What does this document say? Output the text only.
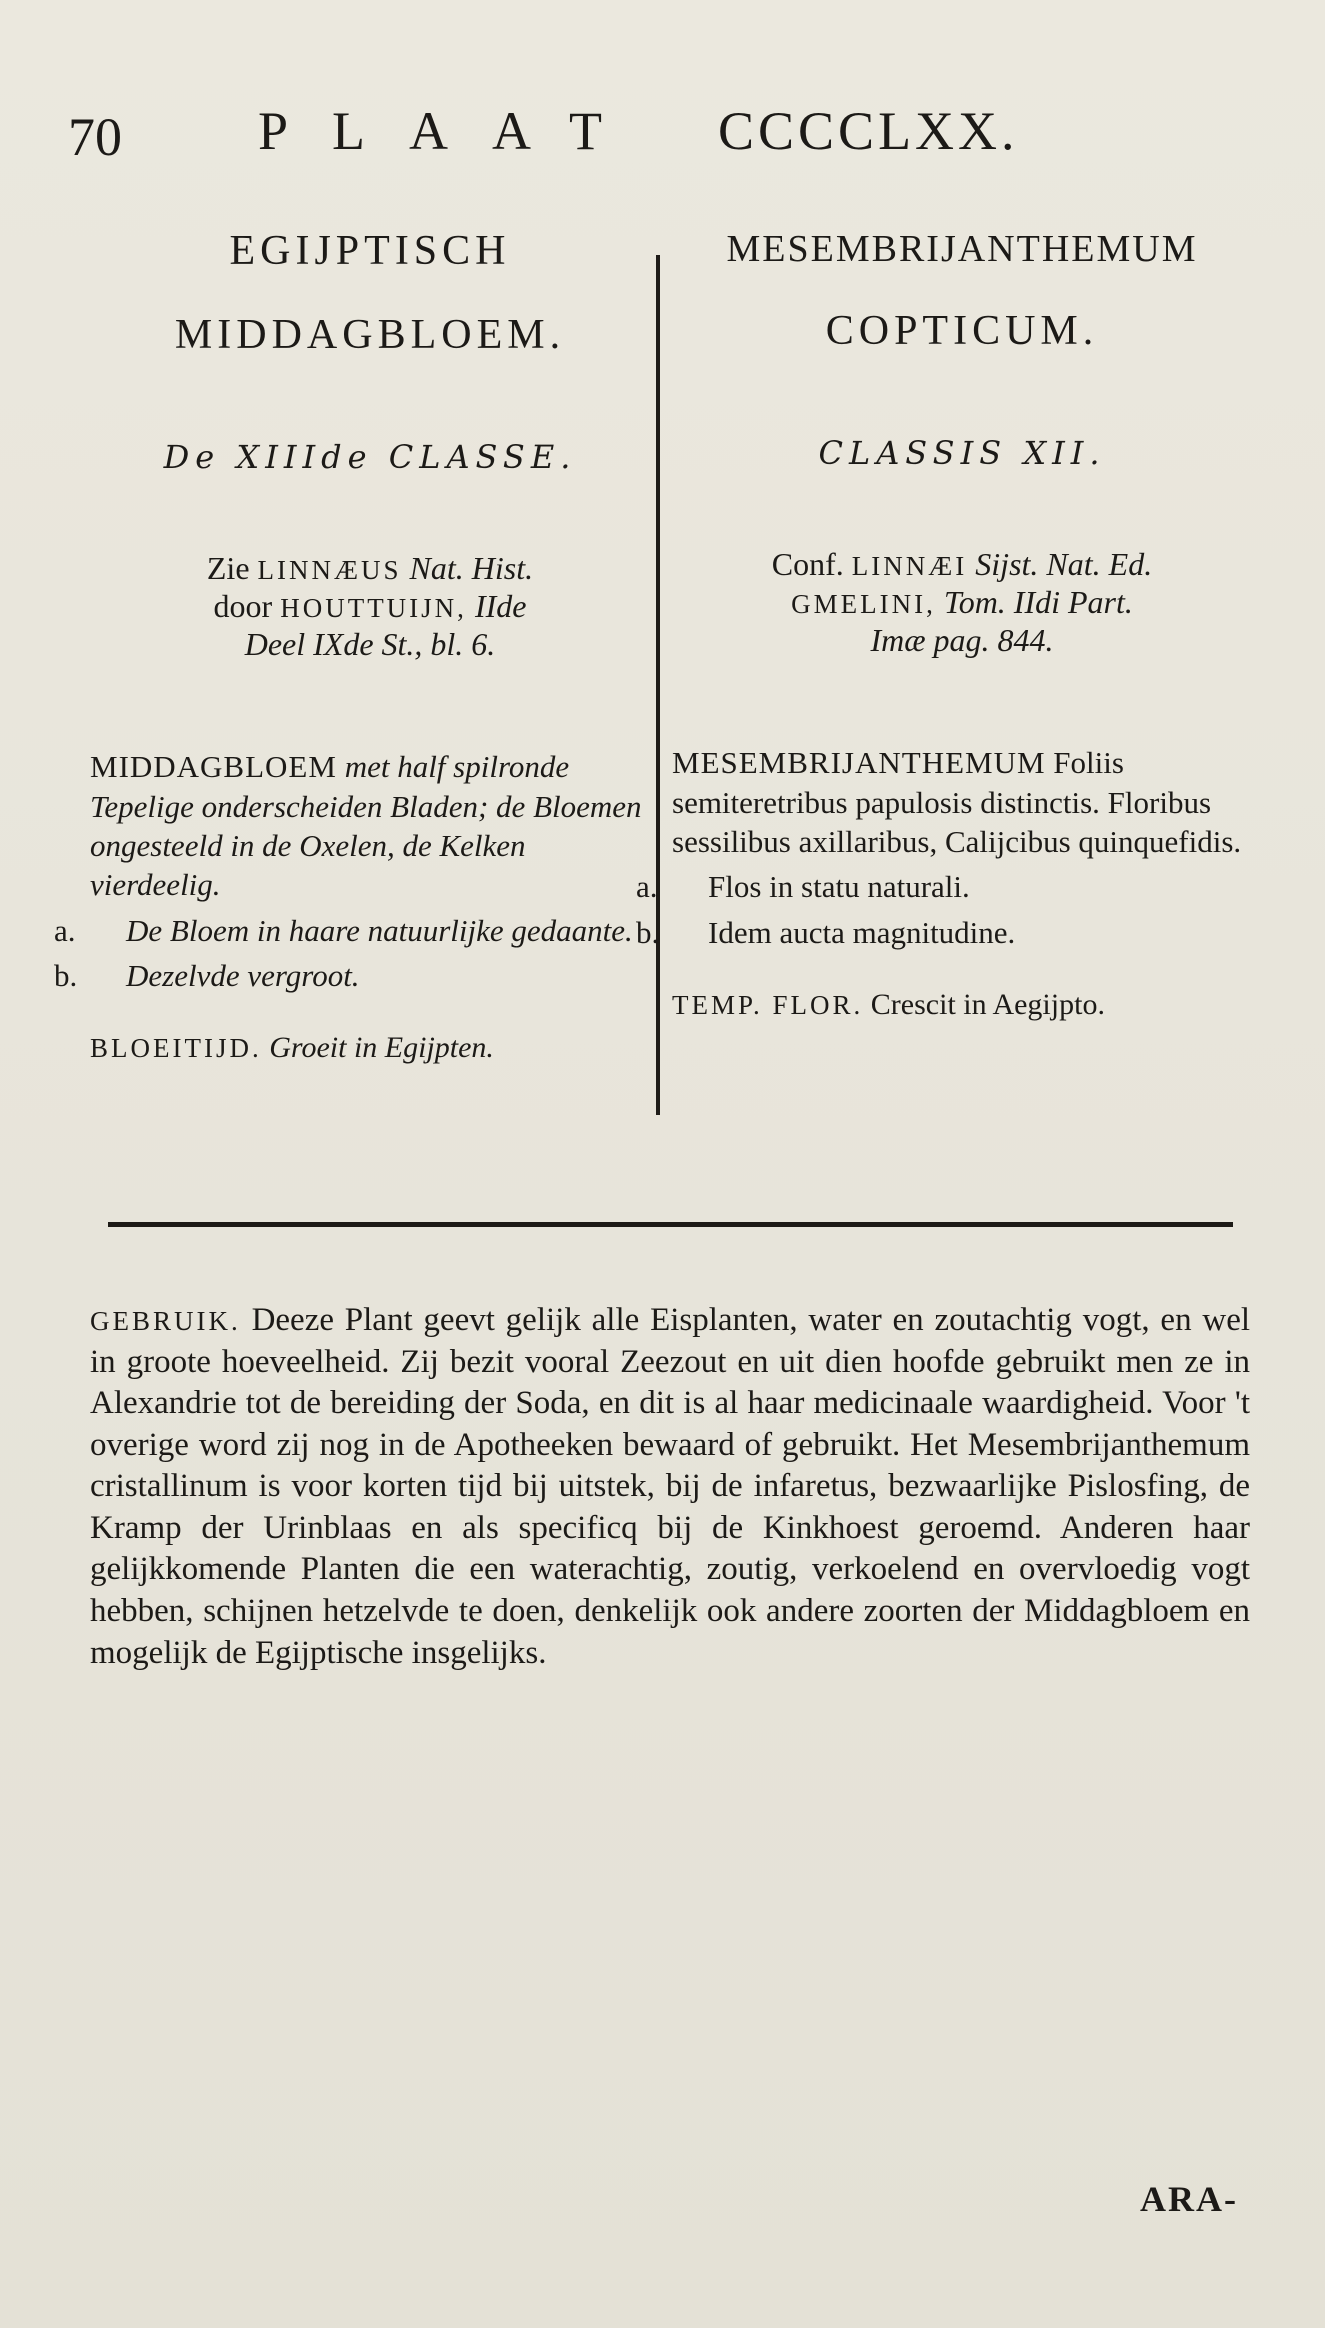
70	PLAAT CCCCLXX.

EGIJPTISCH

MIDDAGBLOEM.

De XIIIde CLASSE.
Zie LINNÆUS Nat. Hist.
door HOUTTUIJN, IIde
Deel IXde St., bl. 6.
MIDDAGBLOEM met half spilronde Tepelige onderscheiden Bladen; de Bloemen ongesteeld in de Oxelen, de Kelken vierdeelig.
a. De Bloem in haare natuurlijke gedaante.
b. Dezelvde vergroot.
BLOEITIJD. Groeit in Egijpten.

MESEMBRIJANTHEMUM

COPTICUM.

CLASSIS XII.
Conf. LINNÆI Sijst. Nat. Ed.
GMELINI, Tom. IIdi Part.
Imæ pag. 844.
MESEMBRIJANTHEMUM Foliis semiteretribus papulosis distinctis. Floribus sessilibus axillaribus, Calijcibus quinquefidis.
a. Flos in statu naturali.
b. Idem aucta magnitudine.
TEMP. FLOR. Crescit in Aegijpto.
GEBRUIK. Deeze Plant geevt gelijk alle Eisplanten, water en zoutachtig vogt, en wel in groote hoeveelheid. Zij bezit vooral Zeezout en uit dien hoofde gebruikt men ze in Alexandrie tot de bereiding der Soda, en dit is al haar medicinaale waardigheid. Voor 't overige word zij nog in de Apotheeken bewaard of gebruikt. Het Mesembrijanthemum cristallinum is voor korten tijd bij uitstek, bij de infaretus, bezwaarlijke Pislosfing, de Kramp der Urinblaas en als specificq bij de Kinkhoest geroemd. Anderen haar gelijkkomende Planten die een waterachtig, zoutig, verkoelend en overvloedig vogt hebben, schijnen hetzelvde te doen, denkelijk ook andere zoorten der Middagbloem en mogelijk de Egijptische insgelijks.
ARA-
